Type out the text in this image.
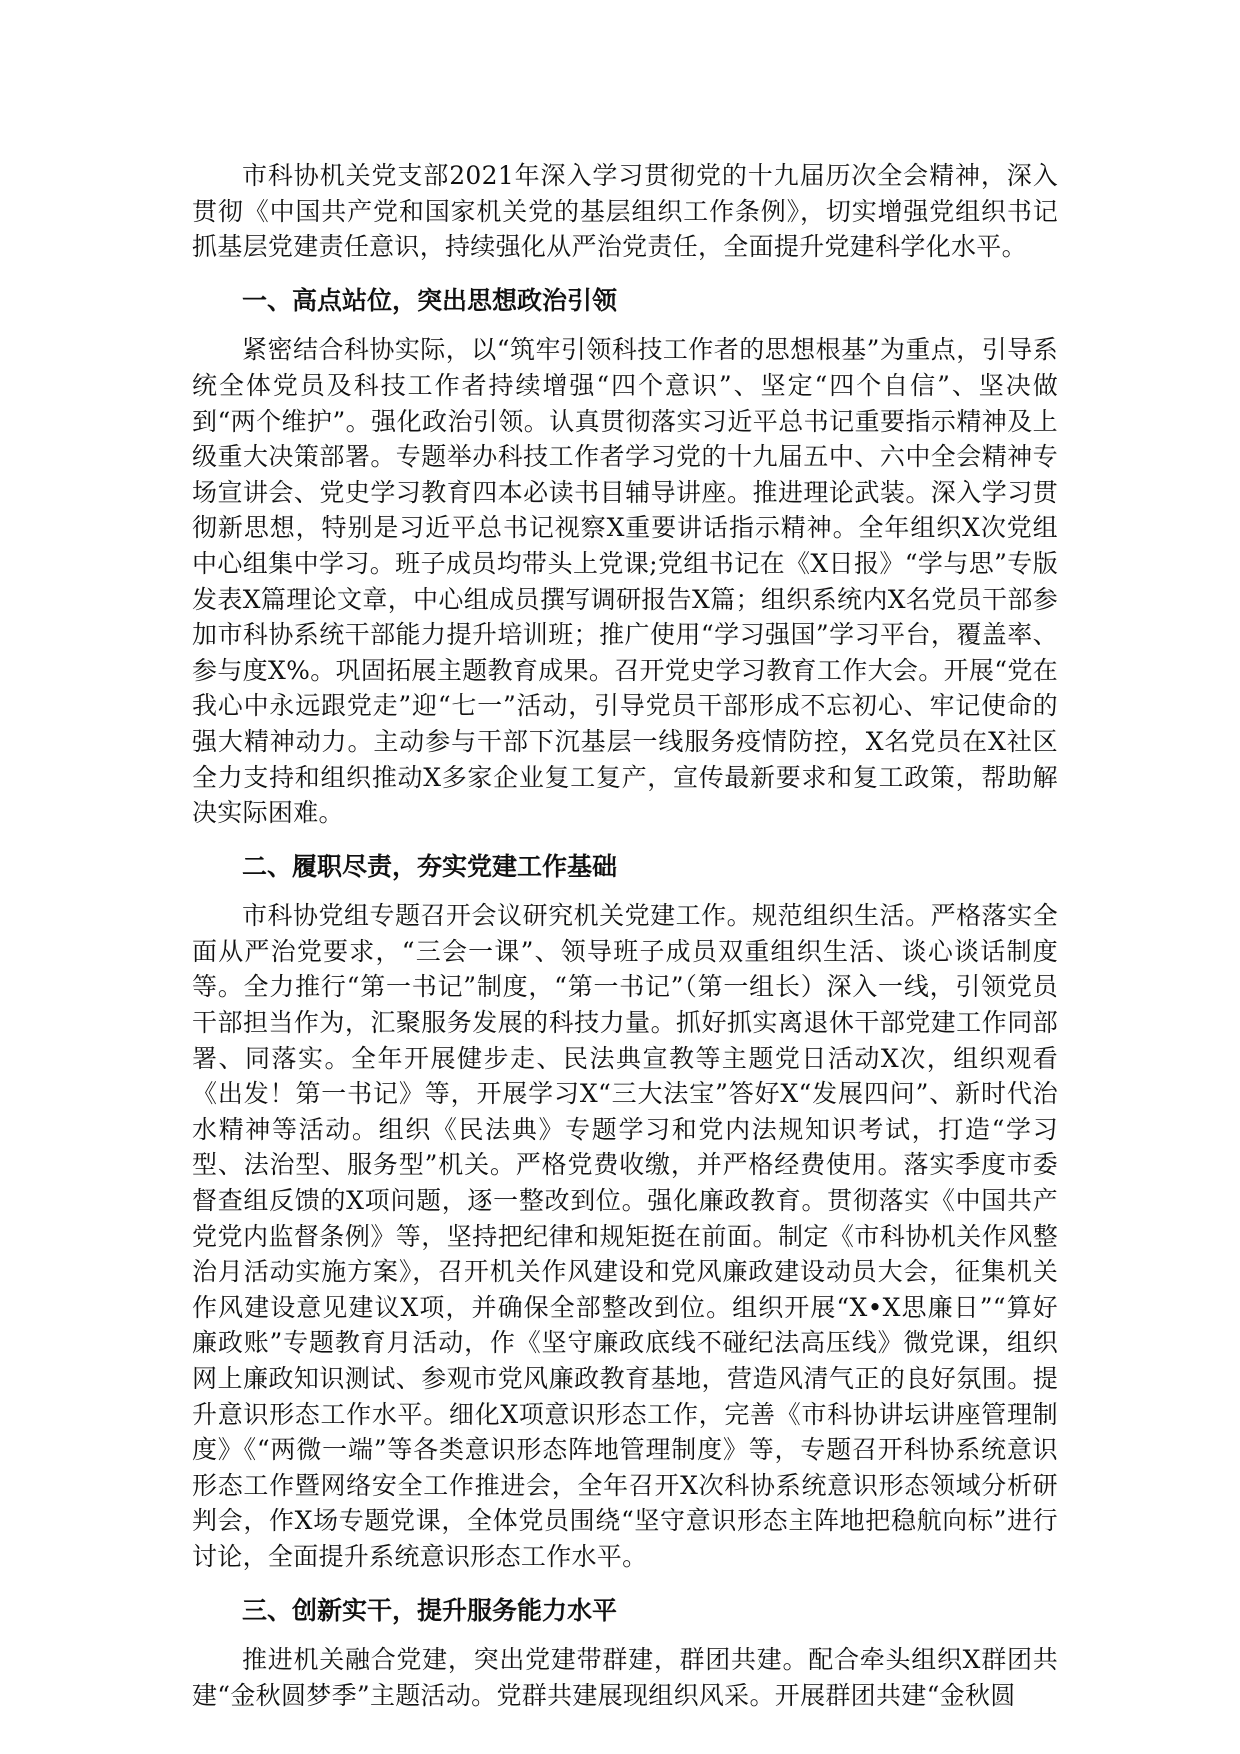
市科协机关党支部2021年深入学习贯彻党的十九届历次全会精神，深入贯彻《中国共产党和国家机关党的基层组织工作条例》，切实增强党组织书记抓基层党建责任意识，持续强化从严治党责任，全面提升党建科学化水平。

一、高点站位，突出思想政治引领

紧密结合科协实际，以“筑牢引领科技工作者的思想根基”为重点，引导系统全体党员及科技工作者持续增强“四个意识”、坚定“四个自信”、坚决做到“两个维护”。强化政治引领。认真贯彻落实习近平总书记重要指示精神及上级重大决策部署。专题举办科技工作者学习党的十九届五中、六中全会精神专场宣讲会、党史学习教育四本必读书目辅导讲座。推进理论武装。深入学习贯彻新思想，特别是习近平总书记视察X重要讲话指示精神。全年组织X次党组中心组集中学习。班子成员均带头上党课;党组书记在《X日报》“学与思”专版发表X篇理论文章，中心组成员撰写调研报告X篇；组织系统内X名党员干部参加市科协系统干部能力提升培训班；推广使用“学习强国”学习平台，覆盖率、参与度X%。巩固拓展主题教育成果。召开党史学习教育工作大会。开展“党在我心中永远跟党走”迎“七一”活动，引导党员干部形成不忘初心、牢记使命的强大精神动力。主动参与干部下沉基层一线服务疫情防控，X名党员在X社区全力支持和组织推动X多家企业复工复产，宣传最新要求和复工政策，帮助解决实际困难。

二、履职尽责，夯实党建工作基础

市科协党组专题召开会议研究机关党建工作。规范组织生活。严格落实全面从严治党要求，“三会一课”、领导班子成员双重组织生活、谈心谈话制度等。全力推行“第一书记”制度，“第一书记”（第一组长）深入一线，引领党员干部担当作为，汇聚服务发展的科技力量。抓好抓实离退休干部党建工作同部署、同落实。全年开展健步走、民法典宣教等主题党日活动X次，组织观看《出发！第一书记》等，开展学习X“三大法宝”答好X“发展四问”、新时代治水精神等活动。组织《民法典》专题学习和党内法规知识考试，打造“学习型、法治型、服务型”机关。严格党费收缴，并严格经费使用。落实季度市委督查组反馈的X项问题，逐一整改到位。强化廉政教育。贯彻落实《中国共产党党内监督条例》等，坚持把纪律和规矩挺在前面。制定《市科协机关作风整治月活动实施方案》，召开机关作风建设和党风廉政建设动员大会，征集机关作风建设意见建议X项，并确保全部整改到位。组织开展“X•X思廉日”“算好廉政账”专题教育月活动，作《坚守廉政底线不碰纪法高压线》微党课，组织网上廉政知识测试、参观市党风廉政教育基地，营造风清气正的良好氛围。提升意识形态工作水平。细化X项意识形态工作，完善《市科协讲坛讲座管理制度》《“两微一端”等各类意识形态阵地管理制度》等，专题召开科协系统意识形态工作暨网络安全工作推进会，全年召开X次科协系统意识形态领域分析研判会，作X场专题党课，全体党员围绕“坚守意识形态主阵地把稳航向标”进行讨论，全面提升系统意识形态工作水平。

三、创新实干，提升服务能力水平

推进机关融合党建，突出党建带群建，群团共建。配合牵头组织X群团共建“金秋圆梦季”主题活动。党群共建展现组织风采。开展群团共建“金秋圆
